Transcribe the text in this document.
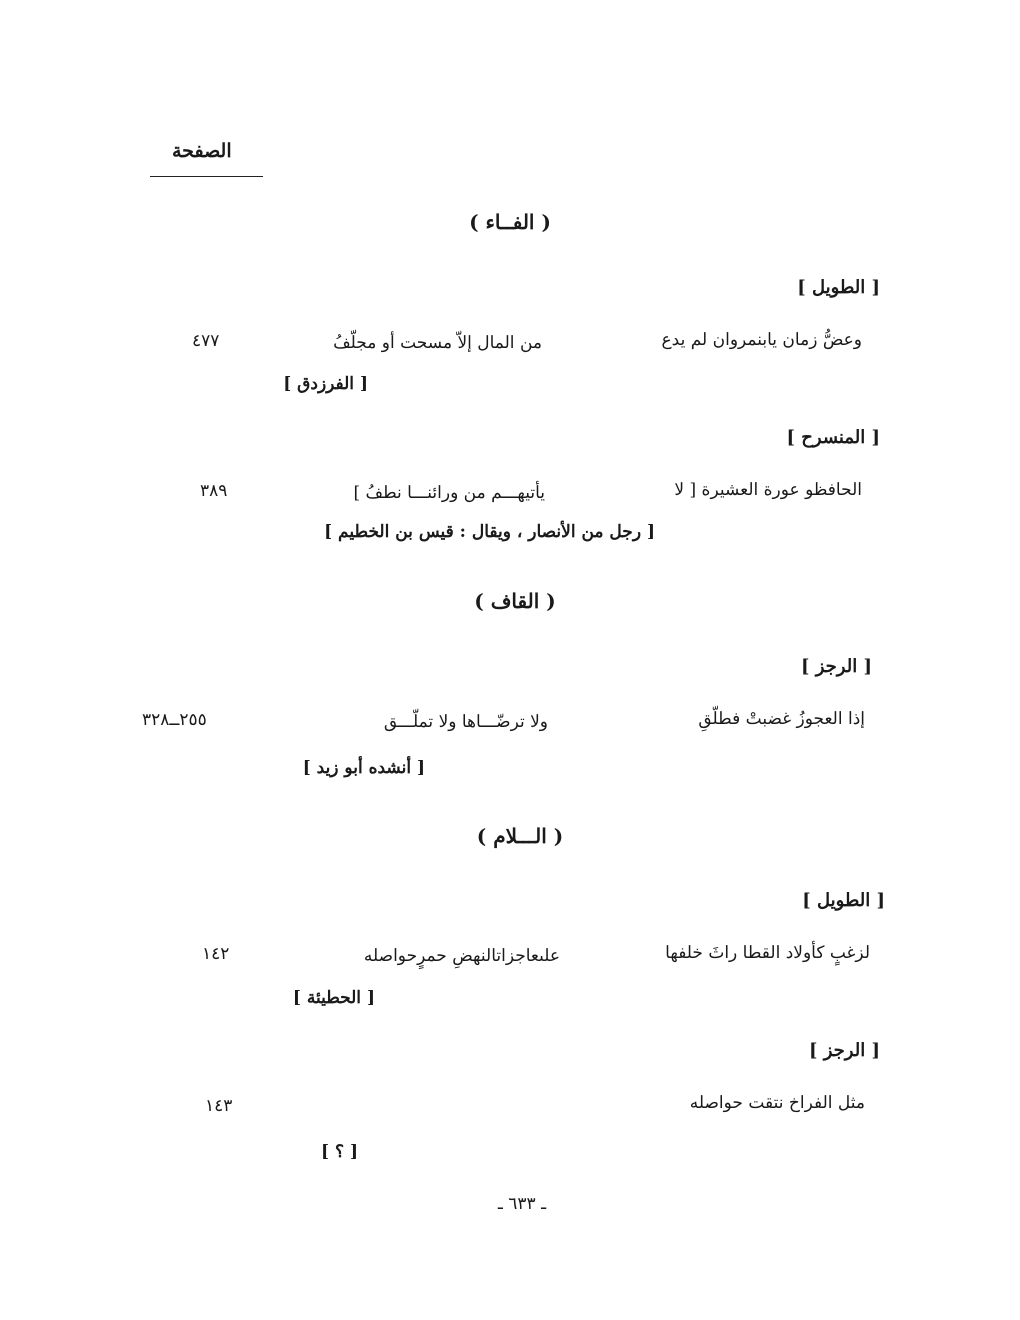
الصفحة
( الفــاء )
[ الطويل ]
وعضُّ زمان يابنمروان لم يدع
من المال إلاّ مسحت أو مجلّفُ
٤٧٧
[ الفرزدق ]
[ المنسرح ]
الحافظو عورة العشيرة [ لا
يأتيهـــم من ورائنـــا نطفُ ]
٣٨٩
[ رجل من الأنصار ، ويقال : قيس بن الخطيم ]
( القاف )
[ الرجز ]
إذا العجوزُ غضبتْ فطلّقِ
ولا ترضّـــاها ولا تملّـــق
٢٥٥ــ٣٢٨
[ أنشده أبو زيد ]
( الـــلام )
[ الطويل ]
لزغبٍ كأولاد القطا راثَ خلفها
علىعاجزاتالنهضِ حمرٍحواصله
١٤٢
[ الحطيئة ]
[ الرجز ]
مثل الفراخ نتقت حواصله
١٤٣
[ ؟ ]
ـ ٦٣٣ ـ
